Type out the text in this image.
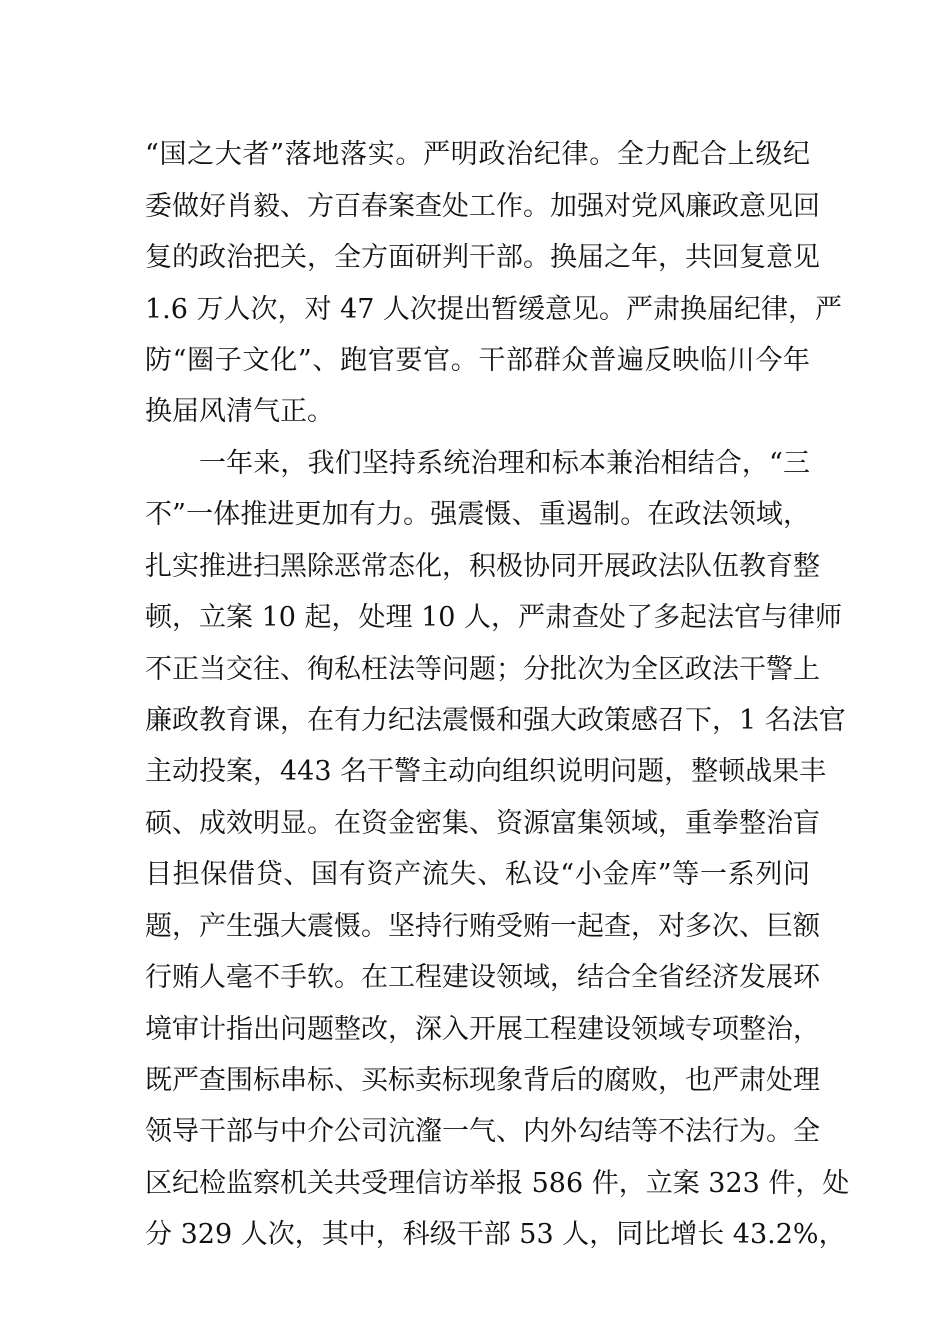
“国之大者”落地落实。严明政治纪律。全力配合上级纪
委做好肖毅、方百春案查处工作。加强对党风廉政意见回
复的政治把关，全方面研判干部。换届之年，共回复意见
1.6 万人次，对 47 人次提出暂缓意见。严肃换届纪律，严
防“圈子文化”、跑官要官。干部群众普遍反映临川今年
换届风清气正。
一年来，我们坚持系统治理和标本兼治相结合，“三
不”一体推进更加有力。强震慑、重遏制。在政法领域，
扎实推进扫黑除恶常态化，积极协同开展政法队伍教育整
顿，立案 10 起，处理 10 人，严肃查处了多起法官与律师
不正当交往、徇私枉法等问题；分批次为全区政法干警上
廉政教育课，在有力纪法震慑和强大政策感召下，1 名法官
主动投案，443 名干警主动向组织说明问题，整顿战果丰
硕、成效明显。在资金密集、资源富集领域，重拳整治盲
目担保借贷、国有资产流失、私设“小金库”等一系列问
题，产生强大震慑。坚持行贿受贿一起查，对多次、巨额
行贿人毫不手软。在工程建设领域，结合全省经济发展环
境审计指出问题整改，深入开展工程建设领域专项整治，
既严查围标串标、买标卖标现象背后的腐败，也严肃处理
领导干部与中介公司沆瀣一气、内外勾结等不法行为。全
区纪检监察机关共受理信访举报 586 件，立案 323 件，处
分 329 人次，其中，科级干部 53 人，同比增长 43.2%，
